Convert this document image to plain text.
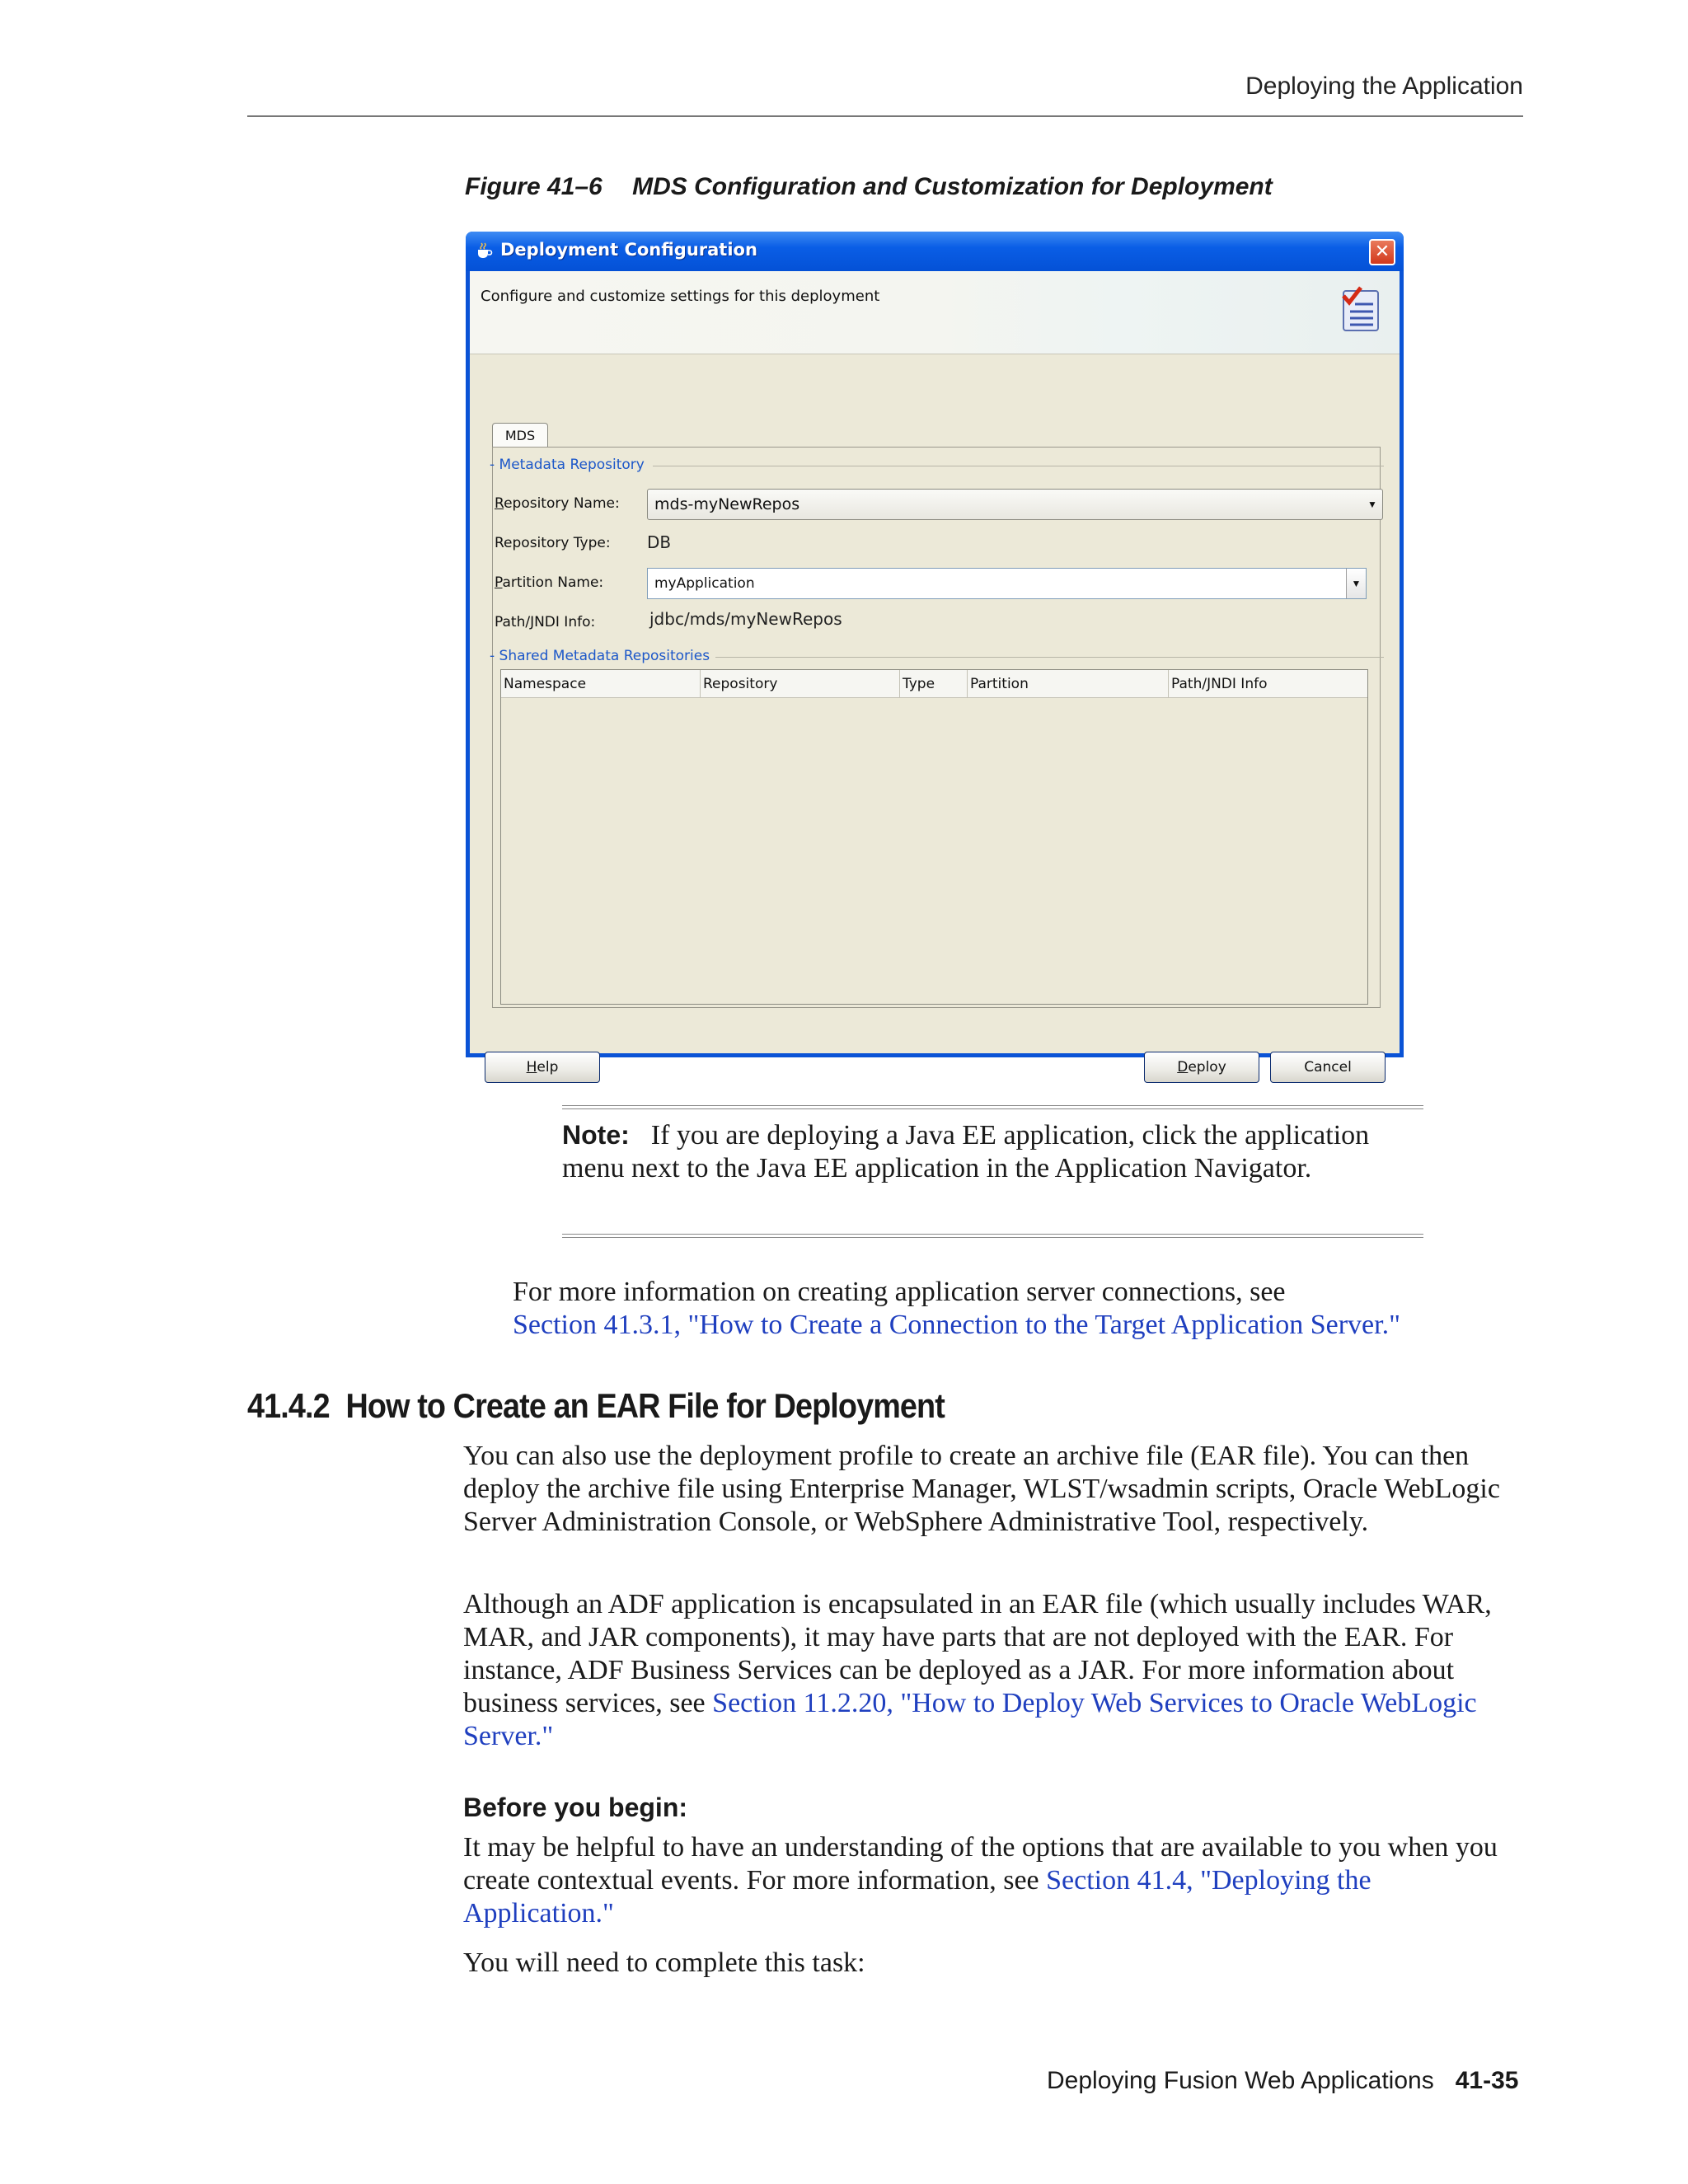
Deploying the Application
Figure 41–6 MDS Configuration and Customization for Deployment
Deployment Configuration	✕
Configure and customize settings for this deployment
MDS
- Metadata Repository
Repository Name: mds-myNewRepos	▼
Repository Type: DB
Partition Name:	myApplication	▼
Path/JNDI Info:	jdbc/mds/myNewRepos
- Shared Metadata Repositories
Namespace	Repository	Type	Partition	Path/JNDI Info
Help	Deploy	Cancel
Note: If you are deploying a Java EE application, click the application menu next to the Java EE application in the Application Navigator.
For more information on creating application server connections, see
Section 41.3.1, "How to Create a Connection to the Target Application Server."
41.4.2 How to Create an EAR File for Deployment
You can also use the deployment profile to create an archive file (EAR file). You can then deploy the archive file using Enterprise Manager, WLST/wsadmin scripts, Oracle WebLogic Server Administration Console, or WebSphere Administrative Tool, respectively.
Although an ADF application is encapsulated in an EAR file (which usually includes WAR, MAR, and JAR components), it may have parts that are not deployed with the EAR. For instance, ADF Business Services can be deployed as a JAR. For more information about business services, see Section 11.2.20, "How to Deploy Web Services to Oracle WebLogic Server."
Before you begin:
It may be helpful to have an understanding of the options that are available to you when you create contextual events. For more information, see Section 41.4, "Deploying the Application."
You will need to complete this task:
Deploying Fusion Web Applications 41-35
